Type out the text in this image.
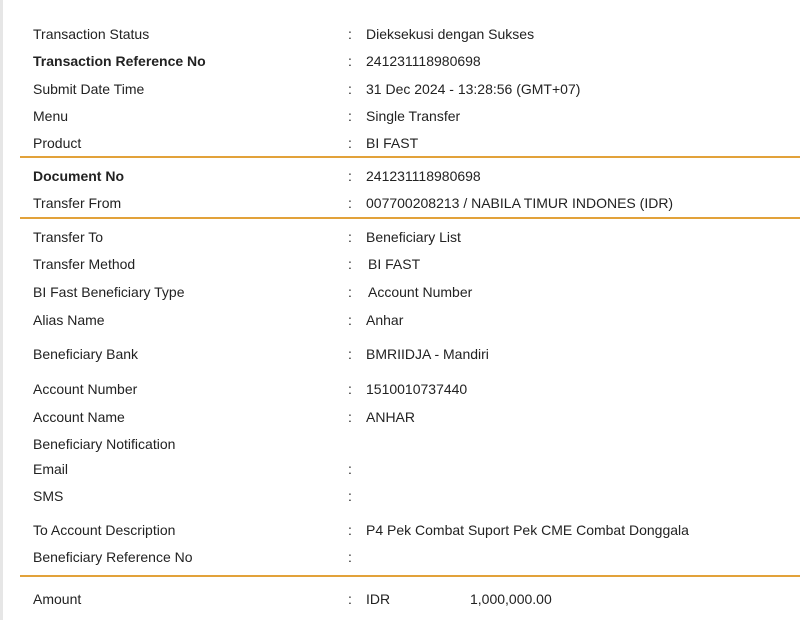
Transaction Status	: Dieksekusi dengan Sukses
Transaction Reference No	: 241231118980698
Submit Date Time	: 31 Dec 2024 - 13:28:56 (GMT+07)
Menu	: Single Transfer
Product	: BI FAST
Document No	: 241231118980698
Transfer From	: 007700208213 / NABILA TIMUR INDONES (IDR)
Transfer To	: Beneficiary List
Transfer Method	: BI FAST
BI Fast Beneficiary Type	: Account Number
Alias Name	: Anhar
Beneficiary Bank	: BMRIIDJA - Mandiri
Account Number	: 1510010737440
Account Name	: ANHAR
Beneficiary Notification
Email	:
SMS	:
To Account Description	: P4 Pek Combat Suport Pek CME Combat Donggala
Beneficiary Reference No	:
Amount	: IDR	1,000,000.00
